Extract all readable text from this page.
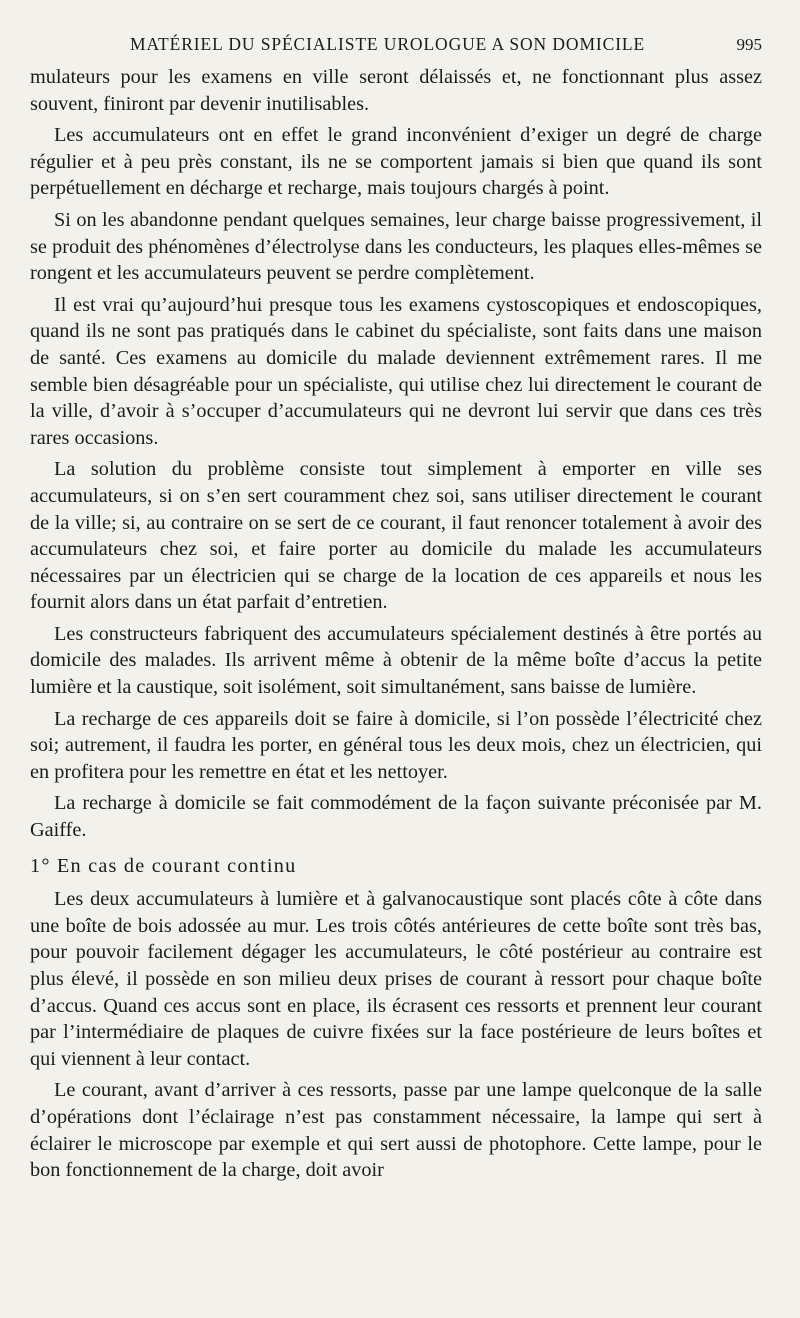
MATÉRIEL DU SPÉCIALISTE UROLOGUE A SON DOMICILE	995

mulateurs pour les examens en ville seront délaissés et, ne fonctionnant plus assez souvent, finiront par devenir inutilisables.

Les accumulateurs ont en effet le grand inconvénient d’exiger un degré de charge régulier et à peu près constant, ils ne se comportent jamais si bien que quand ils sont perpétuellement en décharge et recharge, mais toujours chargés à point.

Si on les abandonne pendant quelques semaines, leur charge baisse progressivement, il se produit des phénomènes d’électrolyse dans les conducteurs, les plaques elles-mêmes se rongent et les accumulateurs peuvent se perdre complètement.

Il est vrai qu’aujourd’hui presque tous les examens cystoscopiques et endoscopiques, quand ils ne sont pas pratiqués dans le cabinet du spécialiste, sont faits dans une maison de santé. Ces examens au domicile du malade deviennent extrêmement rares. Il me semble bien désagréable pour un spécialiste, qui utilise chez lui directement le courant de la ville, d’avoir à s’occuper d’accumulateurs qui ne devront lui servir que dans ces très rares occasions.

La solution du problème consiste tout simplement à emporter en ville ses accumulateurs, si on s’en sert couramment chez soi, sans utiliser directement le courant de la ville; si, au contraire on se sert de ce courant, il faut renoncer totalement à avoir des accumulateurs chez soi, et faire porter au domicile du malade les accumulateurs nécessaires par un électricien qui se charge de la location de ces appareils et nous les fournit alors dans un état parfait d’entretien.

Les constructeurs fabriquent des accumulateurs spécialement destinés à être portés au domicile des malades. Ils arrivent même à obtenir de la même boîte d’accus la petite lumière et la caustique, soit isolément, soit simultanément, sans baisse de lumière.

La recharge de ces appareils doit se faire à domicile, si l’on possède l’électricité chez soi; autrement, il faudra les porter, en général tous les deux mois, chez un électricien, qui en profitera pour les remettre en état et les nettoyer.

La recharge à domicile se fait commodément de la façon suivante préconisée par M. Gaiffe.

1° En cas de courant continu

Les deux accumulateurs à lumière et à galvanocaustique sont placés côte à côte dans une boîte de bois adossée au mur. Les trois côtés antérieures de cette boîte sont très bas, pour pouvoir facilement dégager les accumulateurs, le côté postérieur au contraire est plus élevé, il possède en son milieu deux prises de courant à ressort pour chaque boîte d’accus. Quand ces accus sont en place, ils écrasent ces ressorts et prennent leur courant par l’intermédiaire de plaques de cuivre fixées sur la face postérieure de leurs boîtes et qui viennent à leur contact.

Le courant, avant d’arriver à ces ressorts, passe par une lampe quelconque de la salle d’opérations dont l’éclairage n’est pas constamment nécessaire, la lampe qui sert à éclairer le microscope par exemple et qui sert aussi de photophore. Cette lampe, pour le bon fonctionnement de la charge, doit avoir
